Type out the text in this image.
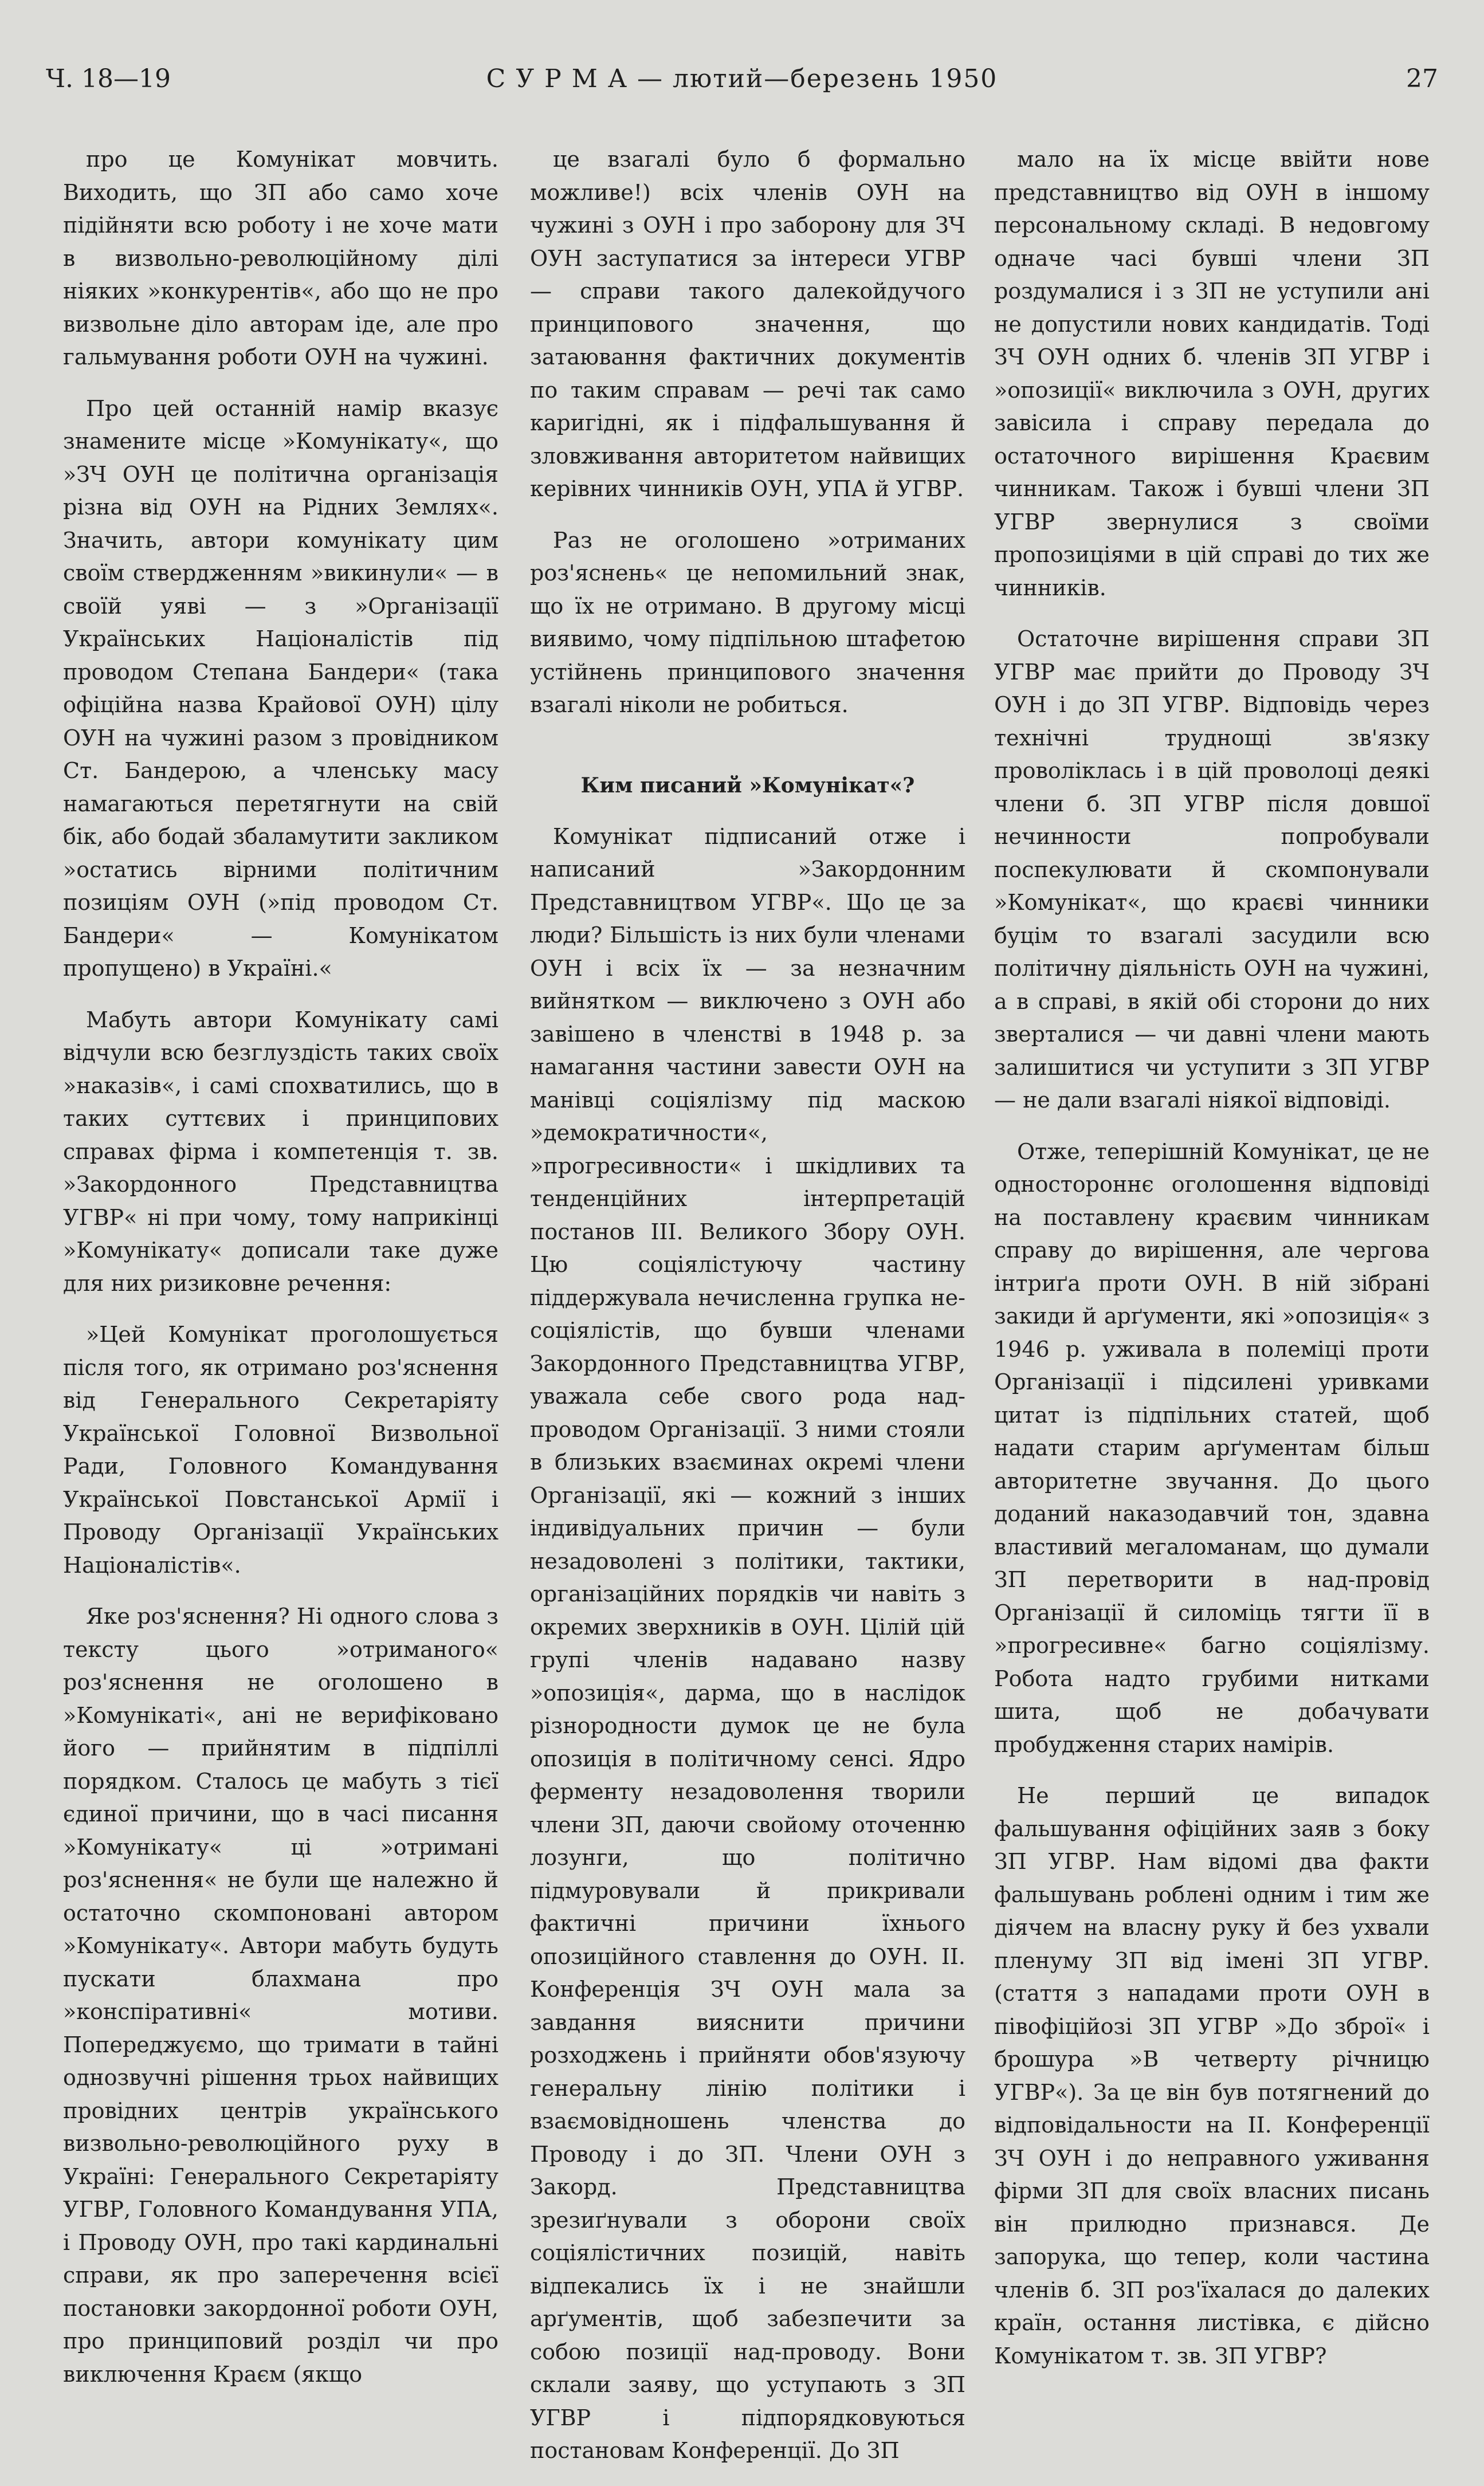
Ч. 18—19	С У Р М А — лютий—березень 1950	27

про це Комунікат мовчить. Виходить, що ЗП або само хоче підійняти всю роботу і не хоче мати в визвольно-революційному ділі ніяких »конкурентів«, або що не про визвольне діло авторам іде, але про гальмування роботи ОУН на чужині.

Про цей останній намір вказує знамените місце »Комунікату«, що »ЗЧ ОУН це політична організація різна від ОУН на Рідних Землях«. Значить, автори комунікату цим своїм ствердженням »викинули« — в своїй уяві — з »Організації Українських Націоналістів під проводом Степана Бандери« (така офіційна назва Крайової ОУН) цілу ОУН на чужині разом з провідником Ст. Бандерою, а членську масу намагаються перетягнути на свій бік, або бодай збаламутити закликом »остатись вірними політичним позиціям ОУН (»під проводом Ст. Бандери« — Комунікатом пропущено) в Україні.«

Мабуть автори Комунікату самі відчули всю безглуздість таких своїх »наказів«, і самі спохватились, що в таких суттєвих і принципових справах фірма і компетенція т. зв. »Закордонного Представництва УГВР« ні при чому, тому наприкінці »Комунікату« дописали таке дуже для них ризиковне речення:

»Цей Комунікат проголошується після того, як отримано роз'яснення від Генерального Секретаріяту Української Головної Визвольної Ради, Головного Командування Української Повстанської Армії і Проводу Організації Українських Націоналістів«.

Яке роз'яснення? Ні одного слова з тексту цього »отриманого« роз'яснення не оголошено в »Комунікаті«, ані не верифіковано його — прийнятим в підпіллі порядком. Сталось це мабуть з тієї єдиної причини, що в часі писання »Комунікату« ці »отримані роз'яснення« не були ще належно й остаточно скомпоновані автором »Комунікату«. Автори мабуть будуть пускати блахмана про »конспіративні« мотиви. Попереджуємо, що тримати в тайні однозвучні рішення трьох найвищих провідних центрів українського визвольно-революційного руху в Україні: Генерального Секретаріяту УГВР, Головного Командування УПА, і Проводу ОУН, про такі кардинальні справи, як про заперечення всієї постановки закордонної роботи ОУН, про принциповий розділ чи про виключення Краєм (якщо

це взагалі було б формально можливе!) всіх членів ОУН на чужині з ОУН і про заборону для ЗЧ ОУН заступатися за інтереси УГВР — справи такого далекойдучого принципового значення, що затаювання фактичних документів по таким справам — речі так само каригідні, як і підфальшування й зловживання авторитетом найвищих керівних чинників ОУН, УПА й УГВР.

Раз не оголошено »отриманих роз'яснень« це непомильний знак, що їх не отримано. В другому місці виявимо, чому підпільною штафетою устійнень принципового значення взагалі ніколи не робиться.

Ким писаний »Комунікат«?

Комунікат підписаний отже і написаний »Закордонним Представництвом УГВР«. Що це за люди? Більшість із них були членами ОУН і всіх їх — за незначним вийнятком — виключено з ОУН або завішено в членстві в 1948 р. за намагання частини завести ОУН на манівці соціялізму під маскою »демократичности«, »прогресивности« і шкідливих та тенденційних інтерпретацій постанов III. Великого Збору ОУН. Цю соціялістуючу частину піддержувала нечисленна групка не-соціялістів, що бувши членами Закордонного Представництва УГВР, уважала себе свого рода над-проводом Організації. З ними стояли в близьких взаєминах окремі члени Організації, які — кожний з інших індивідуальних причин — були незадоволені з політики, тактики, організаційних порядків чи навіть з окремих зверхників в ОУН. Цілій цій групі членів надавано назву »опозиція«, дарма, що в наслідок різнородности думок це не була опозиція в політичному сенсі. Ядро ферменту незадоволення творили члени ЗП, даючи свойому оточенню лозунги, що політично підмуровували й прикривали фактичні причини їхнього опозиційного ставлення до ОУН. II. Конференція ЗЧ ОУН мала за завдання вияснити причини розходжень і прийняти обов'язуючу генеральну лінію політики і взаємовідношень членства до Проводу і до ЗП. Члени ОУН з Закорд. Представництва зрезиґнували з оборони своїх соціялістичних позицій, навіть відпекались їх і не знайшли арґументів, щоб забезпечити за собою позиції над-проводу. Вони склали заяву, що уступають з ЗП УГВР і підпорядковуються постановам Конференції. До ЗП

мало на їх місце ввійти нове представництво від ОУН в іншому персональному складі. В недовгому одначе часі бувші члени ЗП роздумалися і з ЗП не уступили ані не допустили нових кандидатів. Тоді ЗЧ ОУН одних б. членів ЗП УГВР і »опозиції« виключила з ОУН, других завісила і справу передала до остаточного вирішення Краєвим чинникам. Також і бувші члени ЗП УГВР звернулися з своїми пропозиціями в цій справі до тих же чинників.

Остаточне вирішення справи ЗП УГВР має прийти до Проводу ЗЧ ОУН і до ЗП УГВР. Відповідь через технічні труднощі зв'язку проволіклась і в цій проволоці деякі члени б. ЗП УГВР після довшої нечинности попробували поспекулювати й скомпонували »Комунікат«, що краєві чинники буцім то взагалі засудили всю політичну діяльність ОУН на чужині, а в справі, в якій обі сторони до них зверталися — чи давні члени мають залишитися чи уступити з ЗП УГВР — не дали взагалі ніякої відповіді.

Отже, теперішній Комунікат, це не одностороннє оголошення відповіді на поставлену краєвим чинникам справу до вирішення, але чергова інтриґа проти ОУН. В ній зібрані закиди й арґументи, які »опозиція« з 1946 р. уживала в полеміці проти Організації і підсилені уривками цитат із підпільних статей, щоб надати старим арґументам більш авторитетне звучання. До цього доданий наказодавчий тон, здавна властивий мегаломанам, що думали ЗП перетворити в над-провід Організації й силоміць тягти її в »прогресивне« багно соціялізму. Робота надто грубими нитками шита, щоб не добачувати пробудження старих намірів.

Не перший це випадок фальшування офіційних заяв з боку ЗП УГВР. Нам відомі два факти фальшувань роблені одним і тим же діячем на власну руку й без ухвали пленуму ЗП від імені ЗП УГВР. (стаття з нападами проти ОУН в півофіційозі ЗП УГВР »До зброї« і брошура »В четверту річницю УГВР«). За це він був потягнений до відповідальности на II. Конференції ЗЧ ОУН і до неправного уживання фірми ЗП для своїх власних писань він прилюдно признався. Де запорука, що тепер, коли частина членів б. ЗП роз'їхалася до далеких країн, остання листівка, є дійсно Комунікатом т. зв. ЗП УГВР?
